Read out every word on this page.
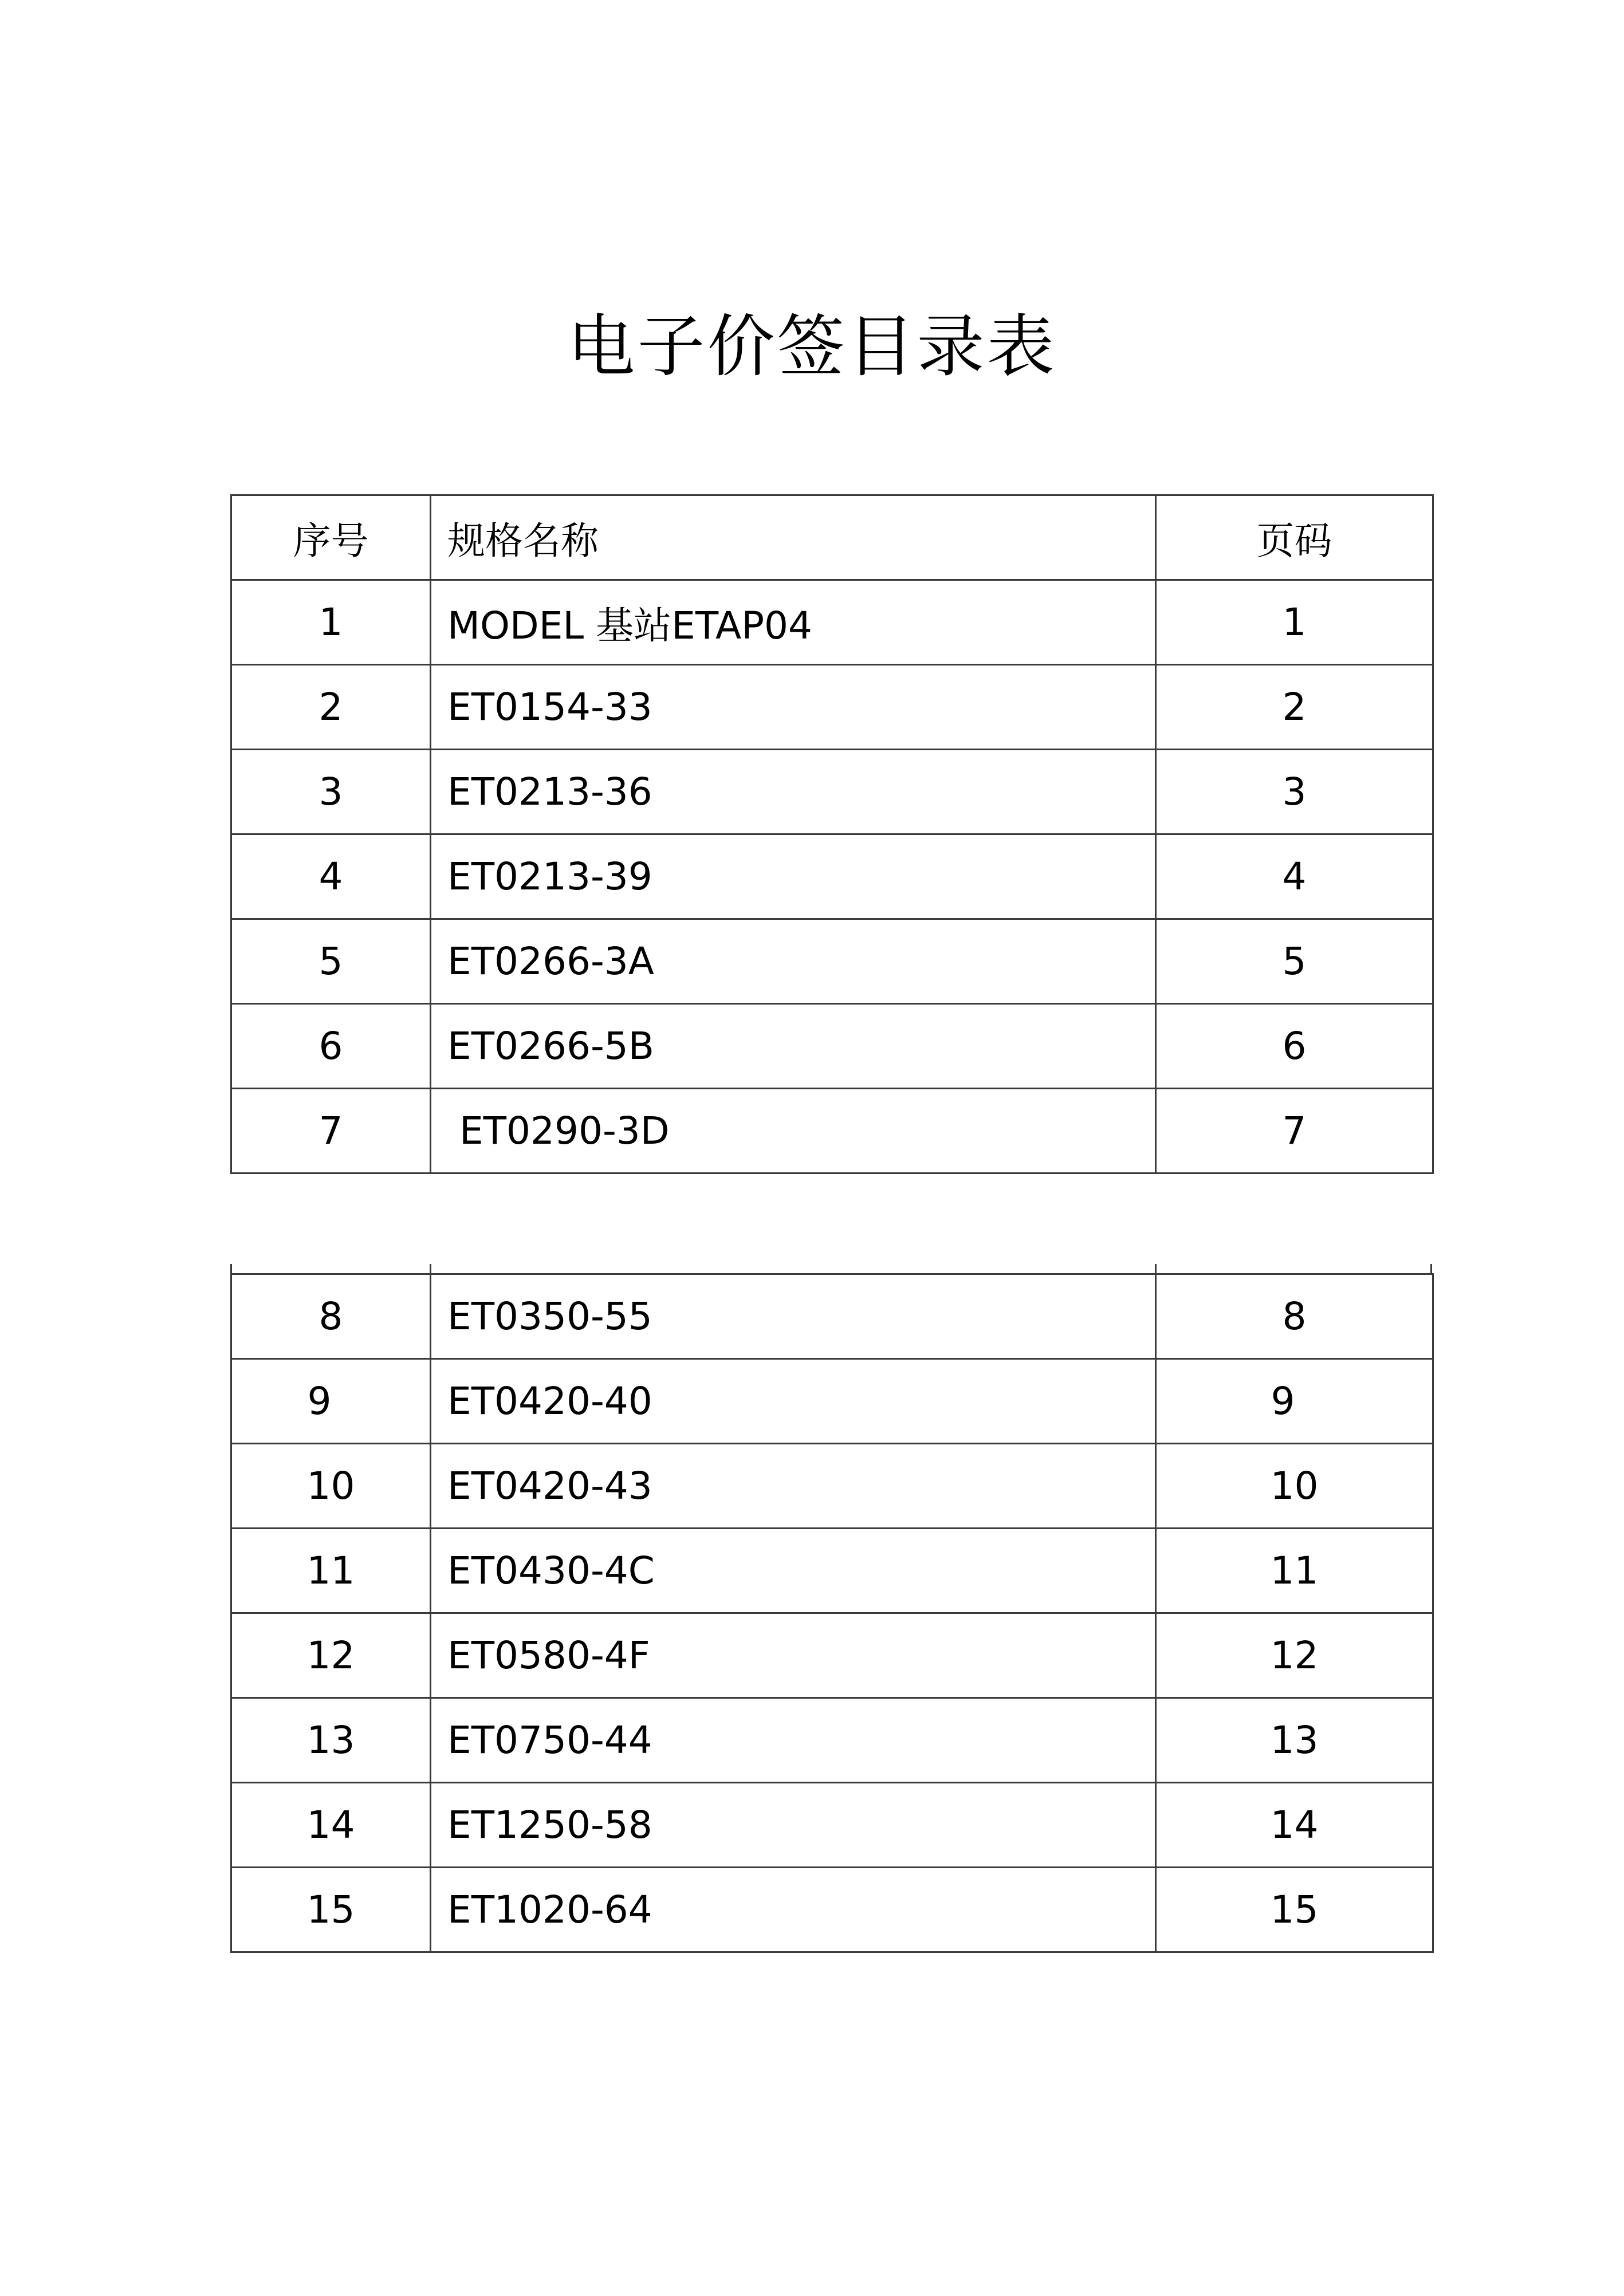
电子价签目录表
序号	规格名称	页码
1	MODEL 基站ETAP04	1
2	ET0154-33	2
3	ET0213-36	3
4	ET0213-39	4
5	ET0266-3A	5
6	ET0266-5B	6
7	ET0290-3D	7
8	ET0350-55	8
9	ET0420-40	9
10	ET0420-43	10
11	ET0430-4C	11
12	ET0580-4F	12
13	ET0750-44	13
14	ET1250-58	14
15	ET1020-64	15
